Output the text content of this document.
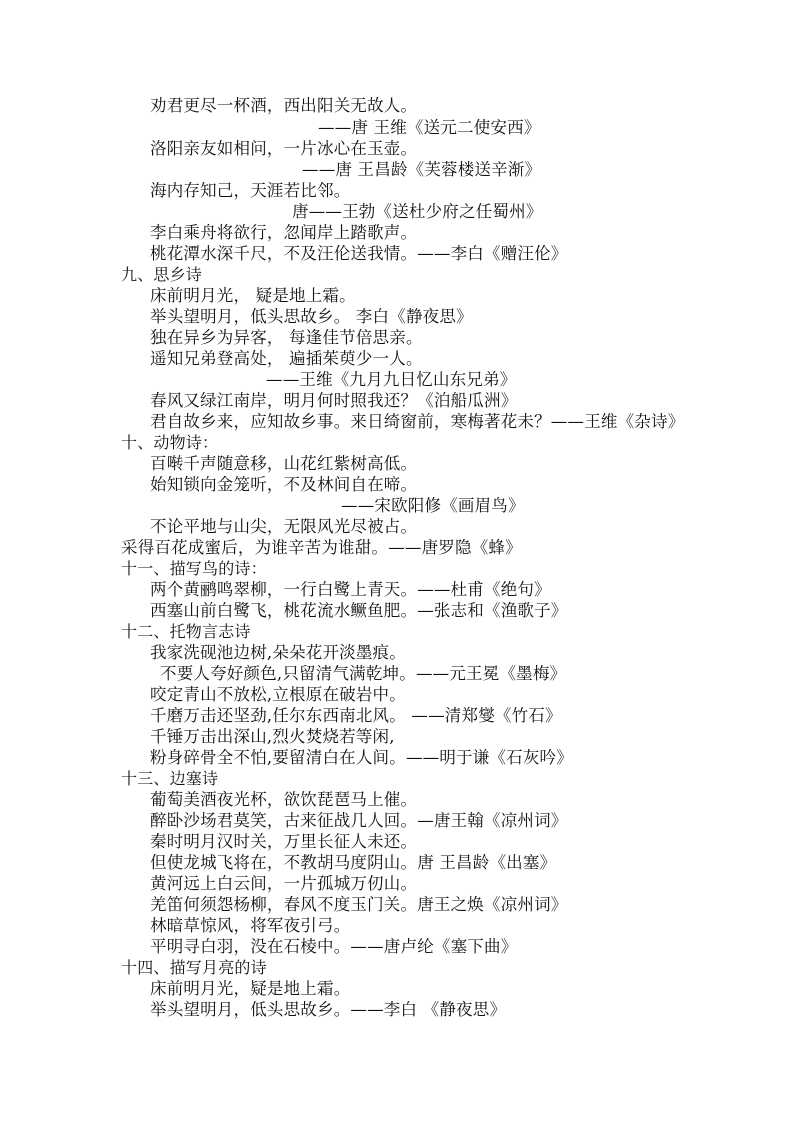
劝君更尽一杯酒，西出阳关无故人。
——唐 王维《送元二使安西》
洛阳亲友如相问，一片冰心在玉壶。
——唐 王昌龄《芙蓉楼送辛渐》
海内存知己，天涯若比邻。
唐——王勃《送杜少府之任蜀州》
李白乘舟将欲行，忽闻岸上踏歌声。
桃花潭水深千尺，不及汪伦送我情。——李白《赠汪伦》
九、思乡诗
床前明月光， 疑是地上霜。
举头望明月，低头思故乡。 李白《静夜思》
独在异乡为异客， 每逢佳节倍思亲。
遥知兄弟登高处， 遍插茱萸少一人。
——王维《九月九日忆山东兄弟》
春风又绿江南岸，明月何时照我还？《泊船瓜洲》
君自故乡来，应知故乡事。来日绮窗前，寒梅著花未？——王维《杂诗》
十、动物诗：
百啭千声随意移，山花红紫树高低。
始知锁向金笼听，不及林间自在啼。
——宋欧阳修《画眉鸟》
不论平地与山尖，无限风光尽被占。
采得百花成蜜后，为谁辛苦为谁甜。——唐罗隐《蜂》
十一、描写鸟的诗：
两个黄鹂鸣翠柳，一行白鹭上青天。——杜甫《绝句》
西塞山前白鹭飞，桃花流水鳜鱼肥。—张志和《渔歌子》
十二、托物言志诗
我家洗砚池边树,朵朵花开淡墨痕。
不要人夸好颜色,只留清气满乾坤。——元王冕《墨梅》
咬定青山不放松,立根原在破岩中。
千磨万击还坚劲,任尔东西南北风。 ——清郑燮《竹石》
千锤万击出深山,烈火焚烧若等闲,
粉身碎骨全不怕,要留清白在人间。——明于谦《石灰吟》
十三、边塞诗
葡萄美酒夜光杯，欲饮琵琶马上催。
醉卧沙场君莫笑，古来征战几人回。—唐王翰《凉州词》
秦时明月汉时关，万里长征人未还。
但使龙城飞将在，不教胡马度阴山。唐 王昌龄《出塞》
黄河远上白云间，一片孤城万仞山。
羌笛何须怨杨柳，春风不度玉门关。唐王之焕《凉州词》
林暗草惊风，将军夜引弓。
平明寻白羽，没在石棱中。——唐卢纶《塞下曲》
十四、描写月亮的诗
床前明月光，疑是地上霜。
举头望明月，低头思故乡。——李白 《静夜思》
